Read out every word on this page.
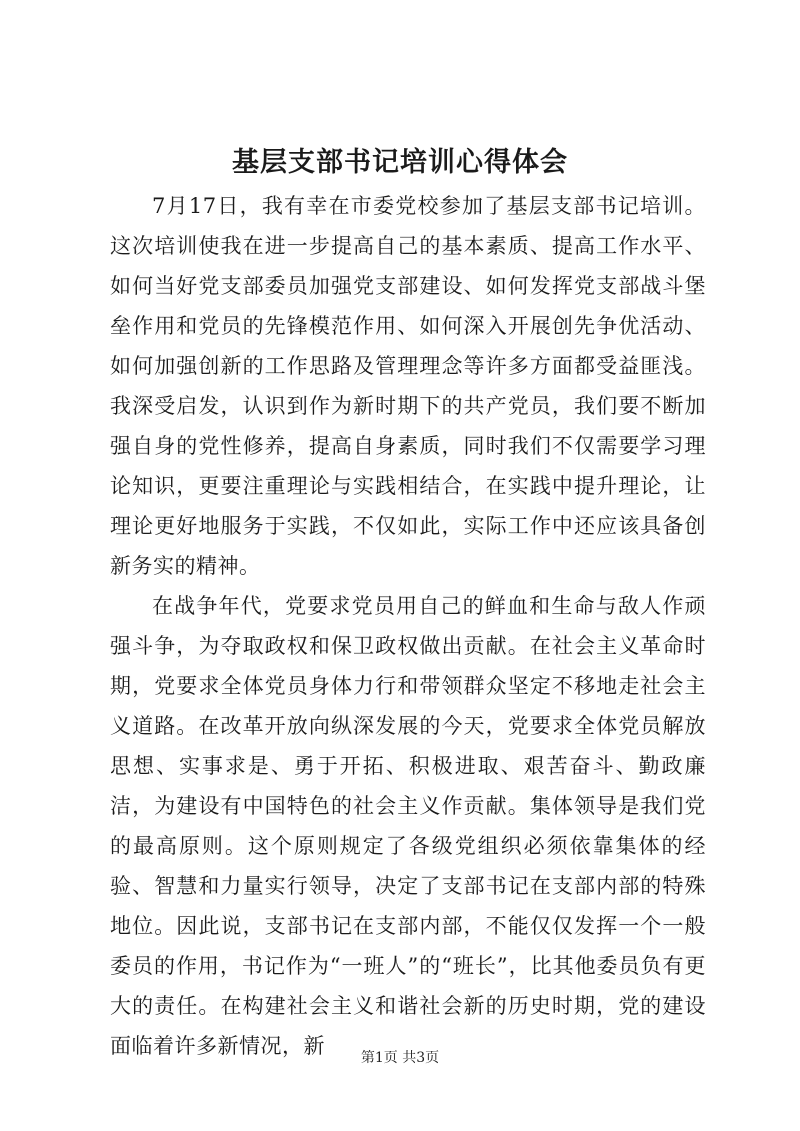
基层支部书记培训心得体会

7月17日，我有幸在市委党校参加了基层支部书记培训。这次培训使我在进一步提高自己的基本素质、提高工作水平、如何当好党支部委员加强党支部建设、如何发挥党支部战斗堡垒作用和党员的先锋模范作用、如何深入开展创先争优活动、如何加强创新的工作思路及管理理念等许多方面都受益匪浅。我深受启发，认识到作为新时期下的共产党员，我们要不断加强自身的党性修养，提高自身素质，同时我们不仅需要学习理论知识，更要注重理论与实践相结合，在实践中提升理论，让理论更好地服务于实践，不仅如此，实际工作中还应该具备创新务实的精神。

在战争年代，党要求党员用自己的鲜血和生命与敌人作顽强斗争，为夺取政权和保卫政权做出贡献。在社会主义革命时期，党要求全体党员身体力行和带领群众坚定不移地走社会主义道路。在改革开放向纵深发展的今天，党要求全体党员解放思想、实事求是、勇于开拓、积极进取、艰苦奋斗、勤政廉洁，为建设有中国特色的社会主义作贡献。集体领导是我们党的最高原则。这个原则规定了各级党组织必须依靠集体的经验、智慧和力量实行领导，决定了支部书记在支部内部的特殊地位。因此说，支部书记在支部内部，不能仅仅发挥一个一般委员的作用，书记作为“一班人”的“班长”，比其他委员负有更大的责任。在构建社会主义和谐社会新的历史时期，党的建设面临着许多新情况，新	第1页 共3页
